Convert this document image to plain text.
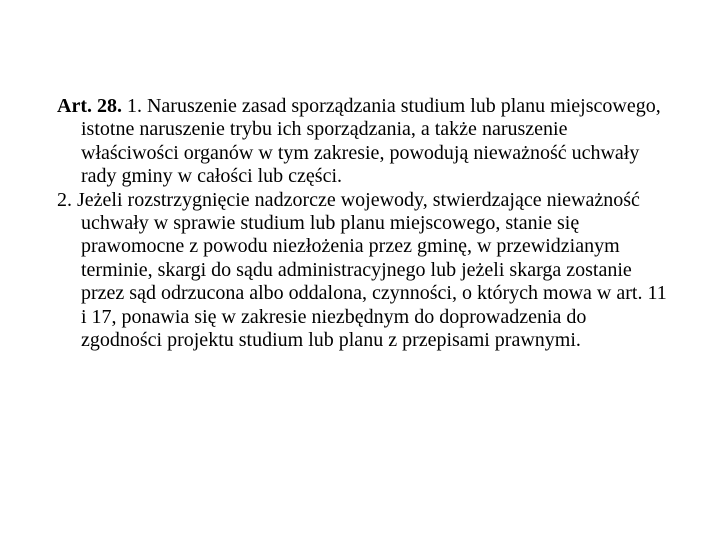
Art. 28. 1. Naruszenie zasad sporządzania studium lub planu miejscowego, istotne naruszenie trybu ich sporządzania, a także naruszenie właściwości organów w tym zakresie, powodują nieważność uchwały rady gminy w całości lub części.

2. Jeżeli rozstrzygnięcie nadzorcze wojewody, stwierdzające nieważność uchwały w sprawie studium lub planu miejscowego, stanie się prawomocne z powodu niezłożenia przez gminę, w przewidzianym terminie, skargi do sądu administracyjnego lub jeżeli skarga zostanie przez sąd odrzucona albo oddalona, czynności, o których mowa w art. 11 i 17, ponawia się w zakresie niezbędnym do doprowadzenia do zgodności projektu studium lub planu z przepisami prawnymi.
